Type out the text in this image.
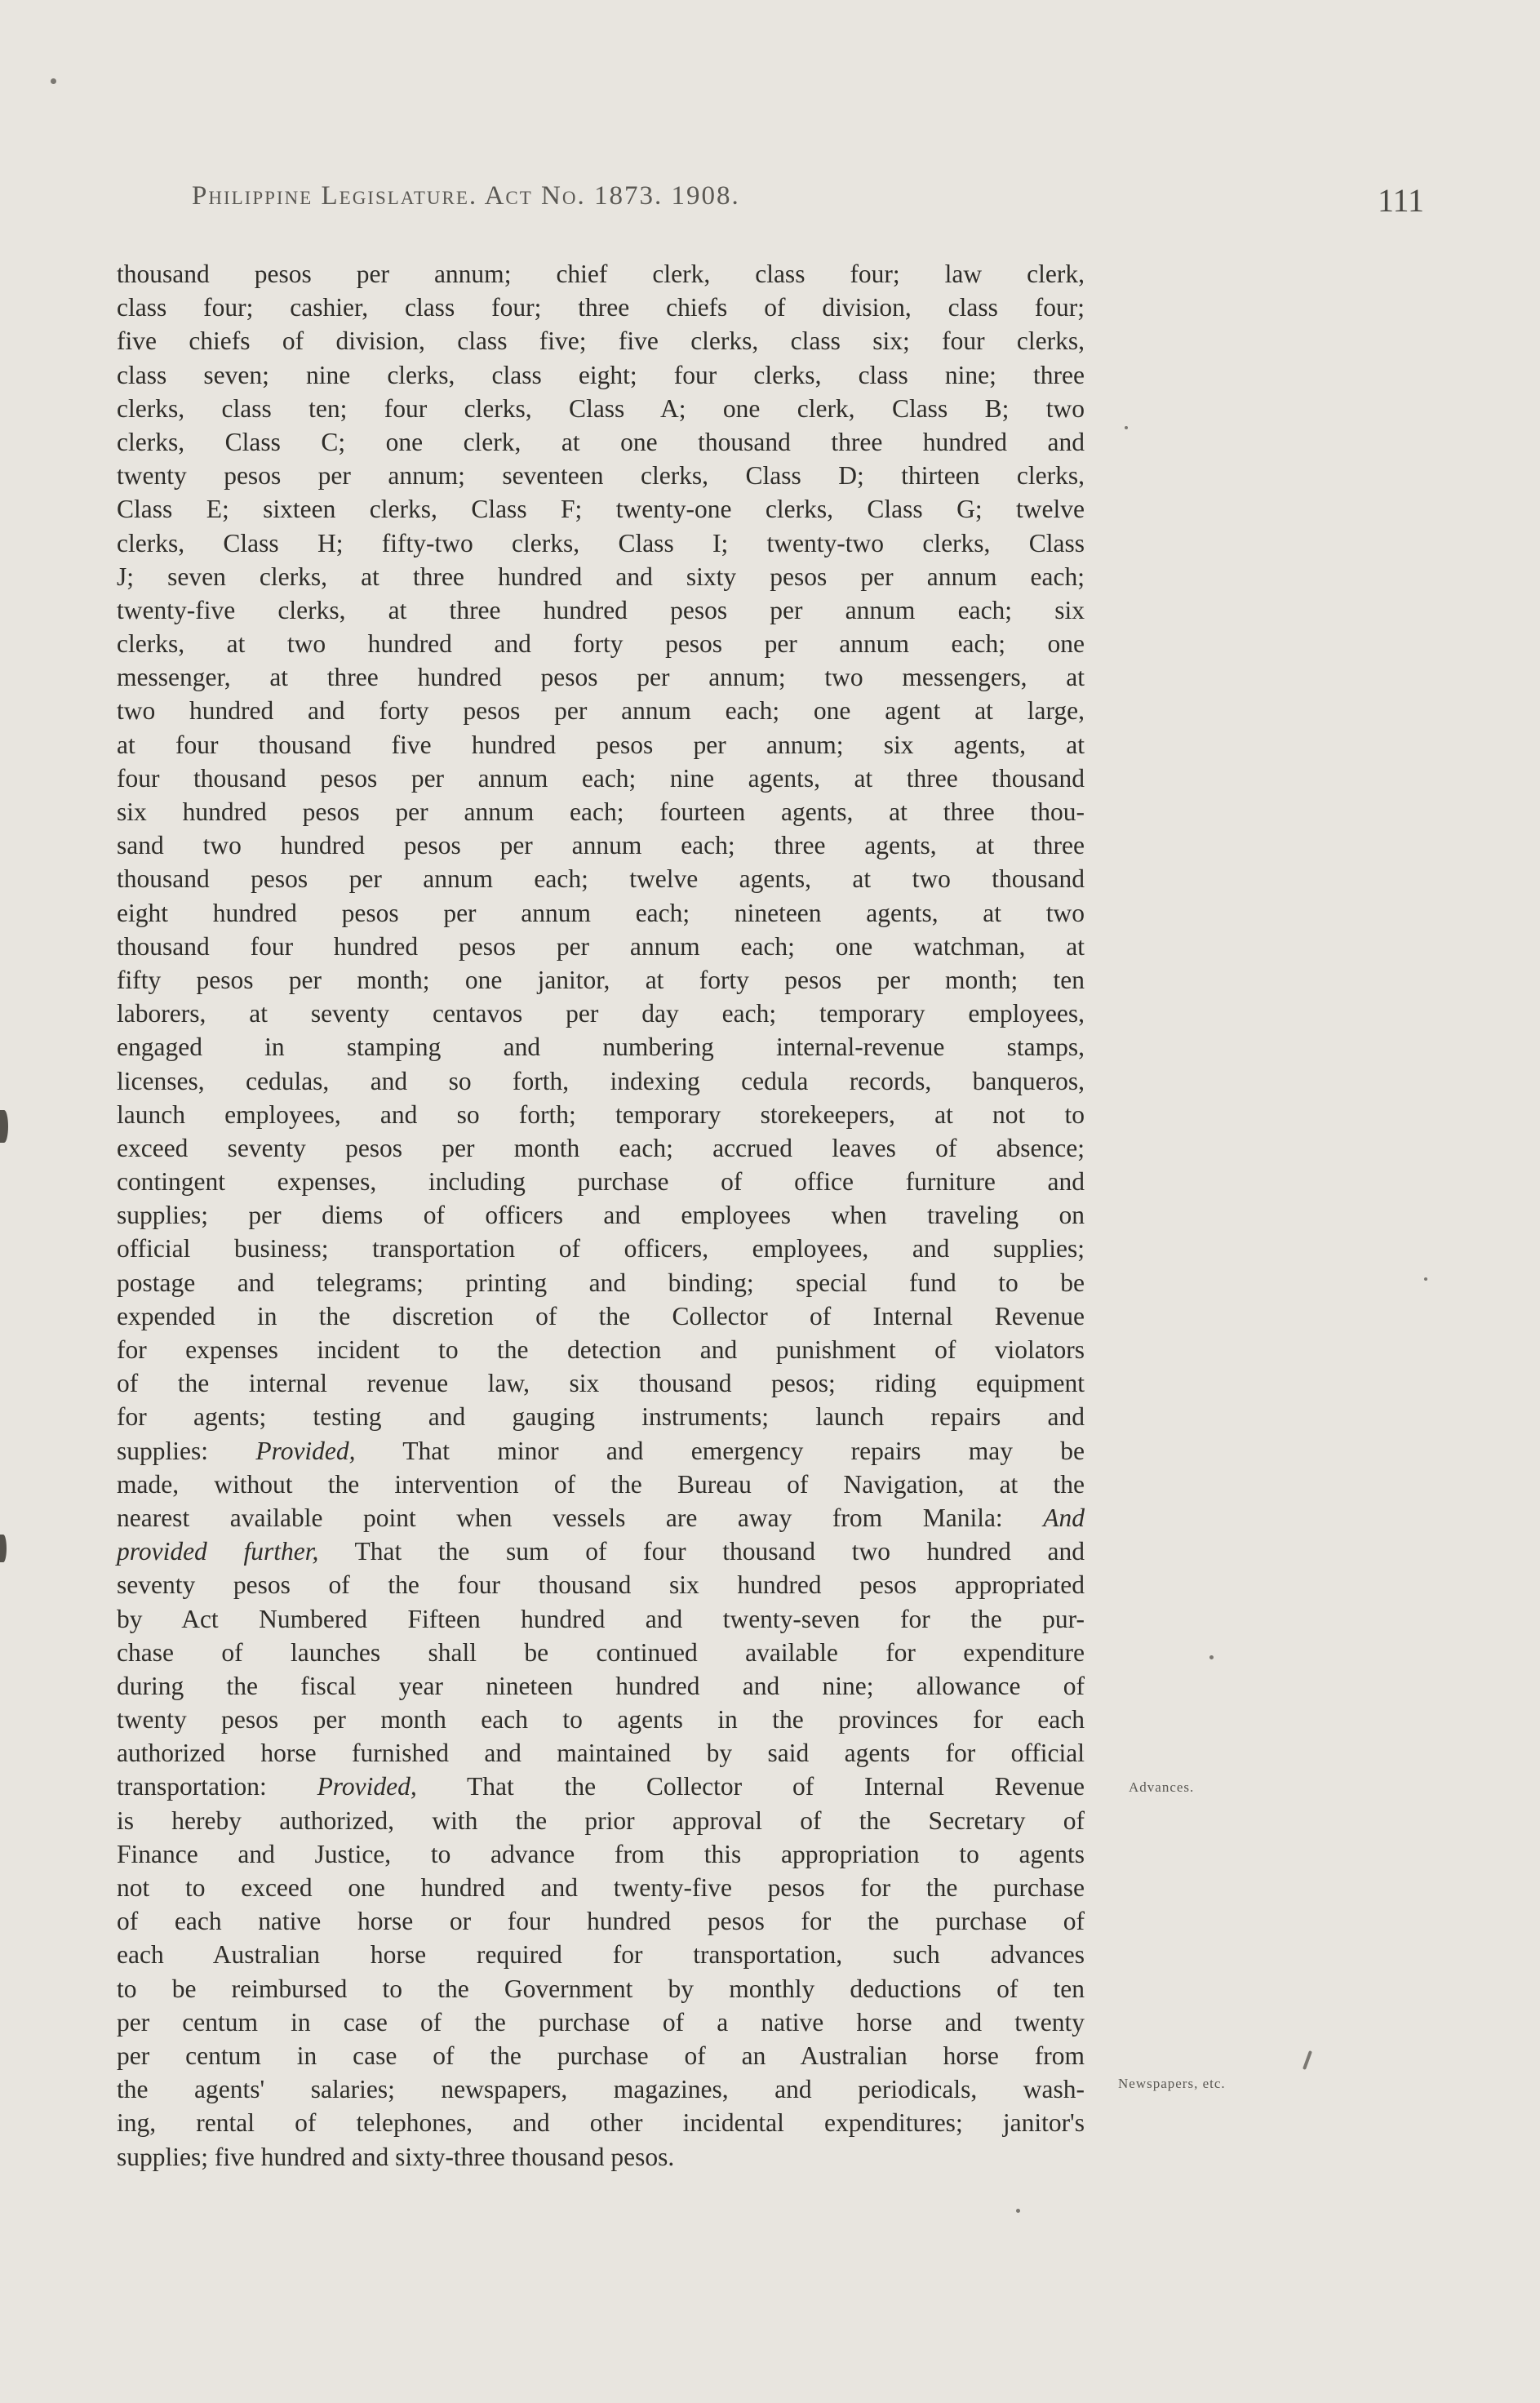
Philippine Legislature. Act No. 1873. 1908.	111
thousand pesos per annum; chief clerk, class four; law clerk,
class four; cashier, class four; three chiefs of division, class four;
five chiefs of division, class five; five clerks, class six; four clerks,
class seven; nine clerks, class eight; four clerks, class nine; three
clerks, class ten; four clerks, Class A; one clerk, Class B; two
clerks, Class C; one clerk, at one thousand three hundred and
twenty pesos per annum; seventeen clerks, Class D; thirteen clerks,
Class E; sixteen clerks, Class F; twenty-one clerks, Class G; twelve
clerks, Class H; fifty-two clerks, Class I; twenty-two clerks, Class
J; seven clerks, at three hundred and sixty pesos per annum each;
twenty-five clerks, at three hundred pesos per annum each; six
clerks, at two hundred and forty pesos per annum each; one
messenger, at three hundred pesos per annum; two messengers, at
two hundred and forty pesos per annum each; one agent at large,
at four thousand five hundred pesos per annum; six agents, at
four thousand pesos per annum each; nine agents, at three thousand
six hundred pesos per annum each; fourteen agents, at three thou-
sand two hundred pesos per annum each; three agents, at three
thousand pesos per annum each; twelve agents, at two thousand
eight hundred pesos per annum each; nineteen agents, at two
thousand four hundred pesos per annum each; one watchman, at
fifty pesos per month; one janitor, at forty pesos per month; ten
laborers, at seventy centavos per day each; temporary employees,
engaged in stamping and numbering internal-revenue stamps,
licenses, cedulas, and so forth, indexing cedula records, banqueros,
launch employees, and so forth; temporary storekeepers, at not to
exceed seventy pesos per month each; accrued leaves of absence;
contingent expenses, including purchase of office furniture and
supplies; per diems of officers and employees when traveling on
official business; transportation of officers, employees, and supplies;
postage and telegrams; printing and binding; special fund to be
expended in the discretion of the Collector of Internal Revenue
for expenses incident to the detection and punishment of violators
of the internal revenue law, six thousand pesos; riding equipment
for agents; testing and gauging instruments; launch repairs and
supplies: Provided, That minor and emergency repairs may be
made, without the intervention of the Bureau of Navigation, at the
nearest available point when vessels are away from Manila: And
provided further, That the sum of four thousand two hundred and
seventy pesos of the four thousand six hundred pesos appropriated
by Act Numbered Fifteen hundred and twenty-seven for the pur-
chase of launches shall be continued available for expenditure
during the fiscal year nineteen hundred and nine; allowance of
twenty pesos per month each to agents in the provinces for each
authorized horse furnished and maintained by said agents for official
transportation: Provided, That the Collector of Internal Revenue
is hereby authorized, with the prior approval of the Secretary of
Finance and Justice, to advance from this appropriation to agents
not to exceed one hundred and twenty-five pesos for the purchase
of each native horse or four hundred pesos for the purchase of
each Australian horse required for transportation, such advances
to be reimbursed to the Government by monthly deductions of ten
per centum in case of the purchase of a native horse and twenty
per centum in case of the purchase of an Australian horse from
the agents' salaries; newspapers, magazines, and periodicals, wash-
ing, rental of telephones, and other incidental expenditures; janitor's
supplies; five hundred and sixty-three thousand pesos.
Advances.
Newspapers, etc.
